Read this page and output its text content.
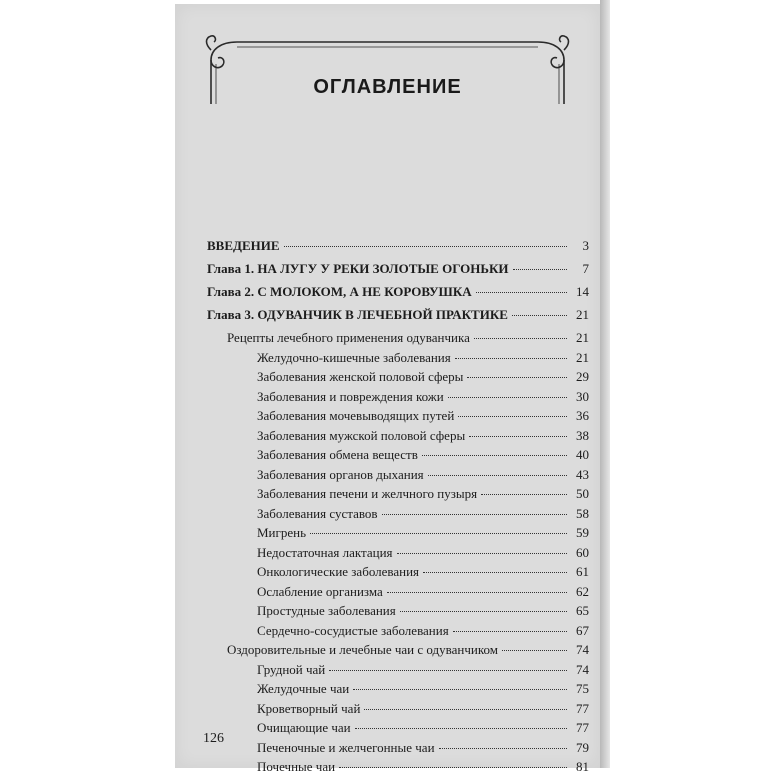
ОГЛАВЛЕНИЕ
ВВЕДЕНИЕ	3
Глава 1. НА ЛУГУ У РЕКИ ЗОЛОТЫЕ ОГОНЬКИ	7
Глава 2. С МОЛОКОМ, А НЕ КОРОВУШКА	14
Глава 3. ОДУВАНЧИК В ЛЕЧЕБНОЙ ПРАКТИКЕ	21
Рецепты лечебного применения одуванчика	21
Желудочно-кишечные заболевания	21
Заболевания женской половой сферы	29
Заболевания и повреждения кожи	30
Заболевания мочевыводящих путей	36
Заболевания мужской половой сферы	38
Заболевания обмена веществ	40
Заболевания органов дыхания	43
Заболевания печени и желчного пузыря	50
Заболевания суставов	58
Мигрень	59
Недостаточная лактация	60
Онкологические заболевания	61
Ослабление организма	62
Простудные заболевания	65
Сердечно-сосудистые заболевания	67
Оздоровительные и лечебные чаи с одуванчиком	74
Грудной чай	74
Желудочные чаи	75
Кроветворный чай	77
Очищающие чаи	77
Печеночные и желчегонные чаи	79
Почечные чаи	81
126
